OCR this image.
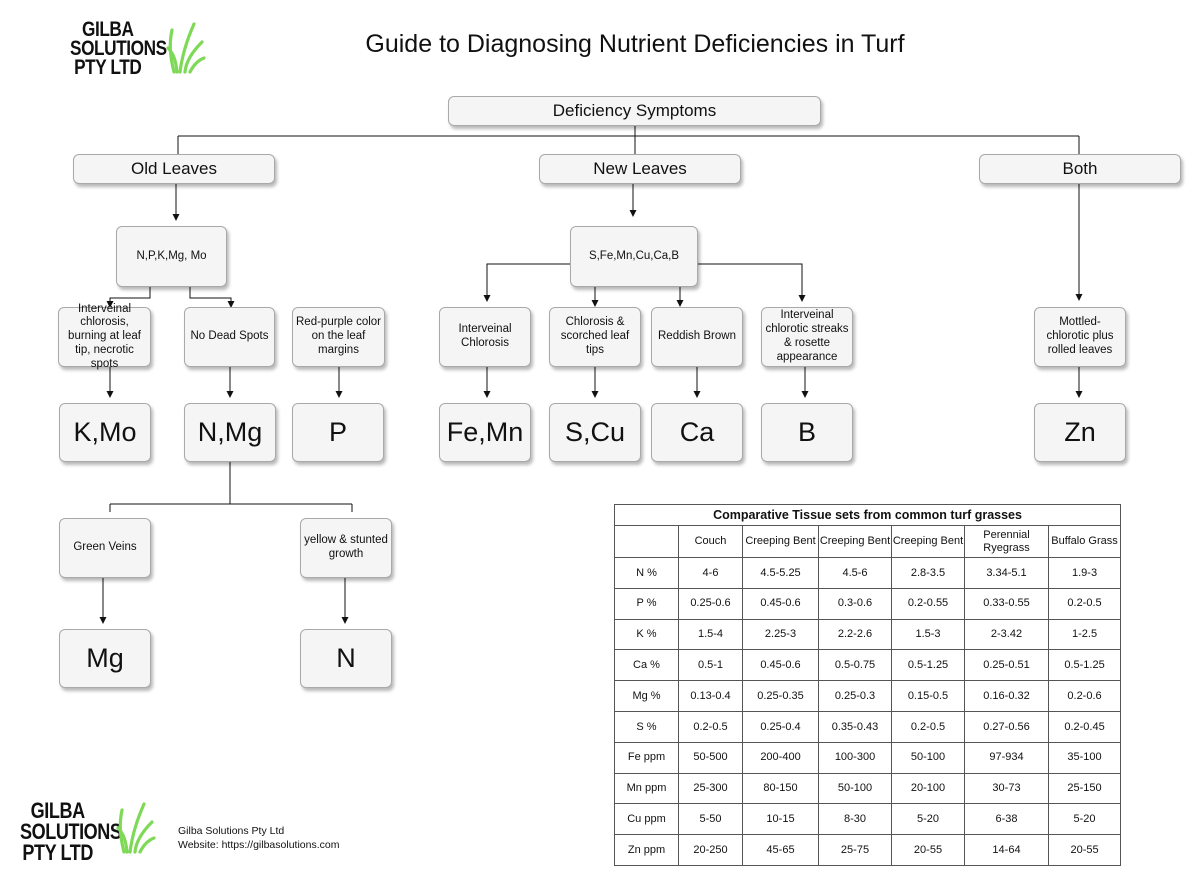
GILBA
SOLUTIONS
PTY LTD
Guide to Diagnosing Nutrient Deficiencies in Turf
Deficiency Symptoms
Old Leaves	New Leaves	Both
N,P,K,Mg, Mo
Interveinal chlorosis, burning at leaf tip, necrotic spots
No Dead Spots
Red-purple color on the leaf margins
K,Mo	N,Mg	P
Green Veins
yellow & stunted growth
Mg	N
S,Fe,Mn,Cu,Ca,B
Interveinal Chlorosis
Chlorosis & scorched leaf tips
Reddish Brown
Interveinal chlorotic streaks & rosette appearance
Fe,Mn	S,Cu	Ca	B
Mottled-chlorotic plus rolled leaves
Zn
Comparative Tissue sets from common turf grasses						
	Couch	Creeping Bent	Creeping Bent	Creeping Bent	Perennial Ryegrass	Buffalo Grass
N %	4-6	4.5-5.25	4.5-6	2.8-3.5	3.34-5.1	1.9-3
P %	0.25-0.6	0.45-0.6	0.3-0.6	0.2-0.55	0.33-0.55	0.2-0.5
K %	1.5-4	2.25-3	2.2-2.6	1.5-3	2-3.42	1-2.5
Ca %	0.5-1	0.45-0.6	0.5-0.75	0.5-1.25	0.25-0.51	0.5-1.25
Mg %	0.13-0.4	0.25-0.35	0.25-0.3	0.15-0.5	0.16-0.32	0.2-0.6
S %	0.2-0.5	0.25-0.4	0.35-0.43	0.2-0.5	0.27-0.56	0.2-0.45
Fe ppm	50-500	200-400	100-300	50-100	97-934	35-100
Mn ppm	25-300	80-150	50-100	20-100	30-73	25-150
Cu ppm	5-50	10-15	8-30	5-20	6-38	5-20
Zn ppm	20-250	45-65	25-75	20-55	14-64	20-55
GILBA
SOLUTIONS
PTY LTD
Gilba Solutions Pty Ltd
Website: https://gilbasolutions.com
